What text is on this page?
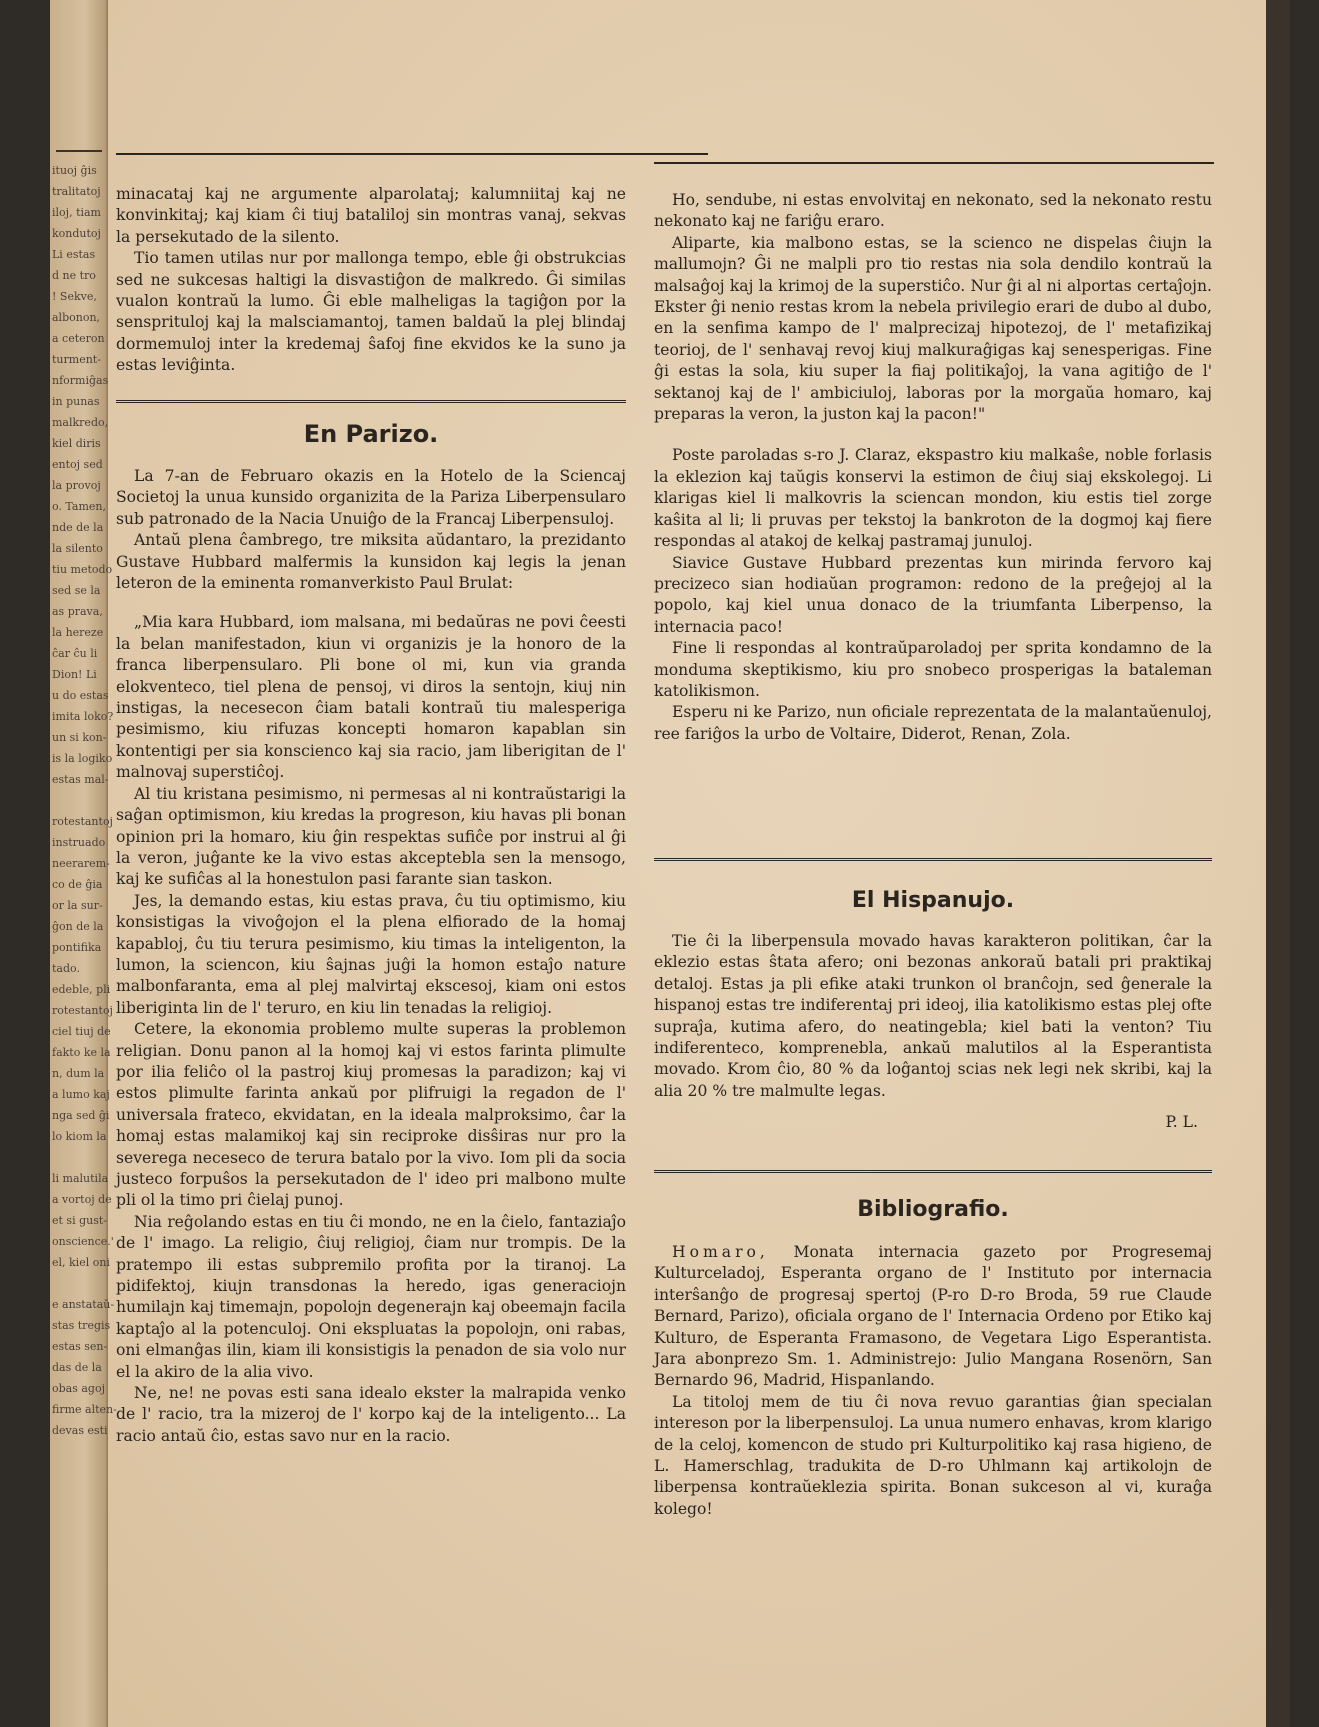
ituoj ĝis
tralitatoj
iloj, tiam
kondutoj
Li estas
d ne tro
! Sekve,
albonon,
a ceteron
turment-
nformiĝas
in punas
malkredo,
kiel diris
entoj sed
la provoj
o. Tamen,
nde de la
la silento
tiu metodo
sed se la
as prava,
la hereze
ĉar ĉu li
Dion! Li
u do estas
imita loko?
un si kon-
is la logiko
estas mal-

rotestantoj
instruado
neerarem-
co de ĝia
or la sur-
ĝon de la
pontifika
tado.
edeble, pli
rotestantoj
ciel tiuj de
fakto ke la
n, dum la
a lumo kaj
nga sed ĝi
lo kiom la

li malutila
a vortoj de
et si gust-
onscience.'
el, kiel oni

e anstataŭ-
stas tregis
estas sen-
das de la
obas agoj
firme alten-
devas esti

minacataj kaj ne argumente alparolataj; kalumniitaj kaj ne konvinkitaj; kaj kiam ĉi tiuj bataliloj sin montras vanaj, sekvas la persekutado de la silento.

Tio tamen utilas nur por mallonga tempo, eble ĝi obstrukcias sed ne sukcesas haltigi la disvastiĝon de malkredo. Ĝi similas vualon kontraŭ la lumo. Ĝi eble malheligas la tagiĝon por la sensprituloj kaj la malsciamantoj, tamen baldaŭ la plej blindaj dormemuloj inter la kredemaj ŝafoj fine ekvidos ke la suno ja estas leviĝinta.

En Parizo.

La 7-an de Februaro okazis en la Hotelo de la Sciencaj Societoj la unua kunsido organizita de la Pariza Liberpensularo sub patronado de la Nacia Unuiĝo de la Francaj Liberpensuloj.

Antaŭ plena ĉambrego, tre miksita aŭdantaro, la prezidanto Gustave Hubbard malfermis la kunsidon kaj legis la jenan leteron de la eminenta romanverkisto Paul Brulat:

„Mia kara Hubbard, iom malsana, mi bedaŭras ne povi ĉeesti la belan manifestadon, kiun vi organizis je la honoro de la franca liberpensularo. Pli bone ol mi, kun via granda elokventeco, tiel plena de pensoj, vi diros la sentojn, kiuj nin instigas, la necesecon ĉiam batali kontraŭ tiu malesperiga pesimismo, kiu rifuzas koncepti homaron kapablan sin kontentigi per sia konscienco kaj sia racio, jam liberigitan de l' malnovaj superstiĉoj.

Al tiu kristana pesimismo, ni permesas al ni kontraŭstarigi la saĝan optimismon, kiu kredas la progreson, kiu havas pli bonan opinion pri la homaro, kiu ĝin respektas sufiĉe por instrui al ĝi la veron, juĝante ke la vivo estas akceptebla sen la mensogo, kaj ke sufiĉas al la honestulon pasi farante sian taskon.

Jes, la demando estas, kiu estas prava, ĉu tiu optimismo, kiu konsistigas la vivoĝojon el la plena elfiorado de la homaj kapabloj, ĉu tiu terura pesimismo, kiu timas la inteligenton, la lumon, la sciencon, kiu ŝajnas juĝi la homon estaĵo nature malbonfaranta, ema al plej malvirtaj ekscesoj, kiam oni estos liberiginta lin de l' teruro, en kiu lin tenadas la religioj.

Cetere, la ekonomia problemo multe superas la problemon religian. Donu panon al la homoj kaj vi estos farinta plimulte por ilia feliĉo ol la pastroj kiuj promesas la paradizon; kaj vi estos plimulte farinta ankaŭ por plifruigi la regadon de l' universala frateco, ekvidatan, en la ideala malproksimo, ĉar la homaj estas malamikoj kaj sin reciproke disŝiras nur pro la severega neceseco de terura batalo por la vivo. Iom pli da socia justeco forpuŝos la persekutadon de l' ideo pri malbono multe pli ol la timo pri ĉielaj punoj.

Nia reĝolando estas en tiu ĉi mondo, ne en la ĉielo, fantaziaĵo de l' imago. La religio, ĉiuj religioj, ĉiam nur trompis. De la pratempo ili estas subpremilo profita por la tiranoj. La pidifektoj, kiujn transdonas la heredo, igas generaciojn humilajn kaj timemajn, popolojn degenerajn kaj obeemajn facila kaptaĵo al la potenculoj. Oni ekspluatas la popolojn, oni rabas, oni elmanĝas ilin, kiam ili konsistigis la penadon de sia volo nur el la akiro de la alia vivo.

Ne, ne! ne povas esti sana idealo ekster la malrapida venko de l' racio, tra la mizeroj de l' korpo kaj de la inteligento... La racio antaŭ ĉio, estas savo nur en la racio.

Ho, sendube, ni estas envolvitaj en nekonato, sed la nekonato restu nekonato kaj ne fariĝu eraro.

Aliparte, kia malbono estas, se la scienco ne dispelas ĉiujn la mallumojn? Ĝi ne malpli pro tio restas nia sola dendilo kontraŭ la malsaĝoj kaj la krimoj de la superstiĉo. Nur ĝi al ni alportas certaĵojn. Ekster ĝi nenio restas krom la nebela privilegio erari de dubo al dubo, en la senfima kampo de l' malprecizaj hipotezoj, de l' metafizikaj teorioj, de l' senhavaj revoj kiuj malkuraĝigas kaj senesperigas. Fine ĝi estas la sola, kiu super la fiaj politikaĵoj, la vana agitiĝo de l' sektanoj kaj de l' ambiciuloj, laboras por la morgaŭa homaro, kaj preparas la veron, la juston kaj la pacon!"

Poste paroladas s-ro J. Claraz, ekspastro kiu malkaŝe, noble forlasis la eklezion kaj taŭgis konservi la estimon de ĉiuj siaj ekskolegoj. Li klarigas kiel li malkovris la sciencan mondon, kiu estis tiel zorge kaŝita al li; li pruvas per tekstoj la bankroton de la dogmoj kaj fiere respondas al atakoj de kelkaj pastramaj junuloj.

Siavice Gustave Hubbard prezentas kun mirinda fervoro kaj precizeco sian hodiaŭan programon: redono de la preĝejoj al la popolo, kaj kiel unua donaco de la triumfanta Liberpenso, la internacia paco!

Fine li respondas al kontraŭparoladoj per sprita kondamno de la monduma skeptikismo, kiu pro snobeco prosperigas la bataleman katolikismon.

Esperu ni ke Parizo, nun oficiale reprezentata de la malantaŭenuloj, ree fariĝos la urbo de Voltaire, Diderot, Renan, Zola.

El Hispanujo.

Tie ĉi la liberpensula movado havas karakteron politikan, ĉar la eklezio estas ŝtata afero; oni bezonas ankoraŭ batali pri praktikaj detaloj. Estas ja pli efike ataki trunkon ol branĉojn, sed ĝenerale la hispanoj estas tre indiferentaj pri ideoj, ilia katolikismo estas plej ofte supraĵa, kutima afero, do neatingebla; kiel bati la venton? Tiu indiferenteco, komprenebla, ankaŭ malutilos al la Esperantista movado. Krom ĉio, 80 % da loĝantoj scias nek legi nek skribi, kaj la alia 20 % tre malmulte legas.

P. L.

Bibliografio.

Homaro, Monata internacia gazeto por Progresemaj Kulturceladoj, Esperanta organo de l' Instituto por internacia interŝanĝo de progresaj spertoj (P-ro D-ro Broda, 59 rue Claude Bernard, Parizo), oficiala organo de l' Internacia Ordeno por Etiko kaj Kulturo, de Esperanta Framasono, de Vegetara Ligo Esperantista. Jara abonprezo Sm. 1. Administrejo: Julio Mangana Rosenörn, San Bernardo 96, Madrid, Hispanlando.

La titoloj mem de tiu ĉi nova revuo garantias ĝian specialan intereson por la liberpensuloj. La unua numero enhavas, krom klarigo de la celoj, komencon de studo pri Kulturpolitiko kaj rasa higieno, de L. Hamerschlag, tradukita de D-ro Uhlmann kaj artikolojn de liberpensa kontraŭeklezia spirita. Bonan sukceson al vi, kuraĝa kolego!
